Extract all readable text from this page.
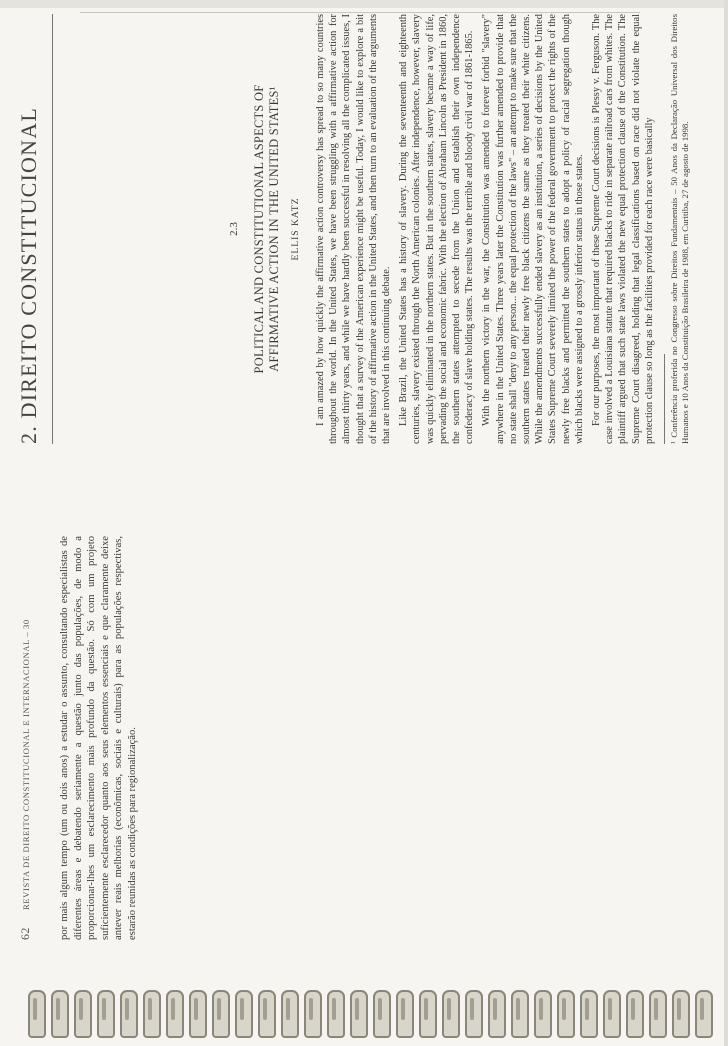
62 REVISTA DE DIREITO CONSTITUCIONAL E INTERNACIONAL – 30	por mais algum tempo (um ou dois anos) a estudar o assunto, consultando especialistas de diferentes áreas e debatendo seriamente a questão junto das populações, de modo a proporcionar-lhes um esclarecimento mais profundo da questão. Só com um projeto suficientemente esclarecedor quanto aos seus elementos essenciais e que claramente deixe antever reais melhorias (econômicas, sociais e culturais) para as populações respectivas, estarão reunidas as condições para regionalização.

2. DIREITO CONSTITUCIONAL	2.3 POLITICAL AND CONSTITUTIONAL ASPECTS OF AFFIRMATIVE ACTION IN THE UNITED STATES¹ ELLIS KATZ I am amazed by how quickly the affirmative action controversy has spread to so many countries throughout the world. In the United States, we have been struggling with a affirmative action for almost thirty years, and while we have hardly been successful in resolving all the complicated issues, I thought that a survey of the American experience might be useful. Today, I would like to explore a bit of the history of affirmative action in the United States, and then turn to an evaluation of the arguments that are involved in this continuing debate. Like Brazil, the United States has a history of slavery. During the seventeenth and eighteenth centuries, slavery existed through the North American colonies. After independence, however, slavery was quickly eliminated in the northern states. But in the southern states, slavery became a way of life, pervading the social and economic fabric. With the election of Abraham Lincoln as President in 1860, the southern states attempted to secede from the Union and establish their own independence confederacy of slave holding states. The results was the terrible and bloody civil war of 1861-1865. With the northern victory in the war, the Constitution was amended to forever forbid "slavery" anywhere in the United States. Three years later the Constitution was further amended to provide that no state shall "deny to any person... the equal protection of the laws" – an attempt to make sure that the southern states treated their newly free black citizens the same as they treated their white citizens. While the amendments successfully ended slavery as an institution, a series of decisions by the United States Supreme Court severely limited the power of the federal government to protect the rights of the newly free blacks and permitted the southern states to adopt a policy of racial segregation though which blacks were assigned to a grossly inferior status in those states. For our purposes, the most important of these Supreme Court decisions is Plessy v. Ferguson. The case involved a Louisiana statute that required blacks to ride in separate railroad cars from whites. The plaintiff argued that such state laws violated the new equal protection clause of the Constitution. The Supreme Court disagreed, holding that legal classifications based on race did not violate the equal protection clause so long as the facilities provided for each race were basically ¹ Conferência proferida no Congresso sobre Direitos Fundamentais – 50 Anos da Declaração Universal dos Direitos Humanos e 10 Anos da Constituição Brasileira de 1988, em Curitiba, 27 de agosto de 1998.
